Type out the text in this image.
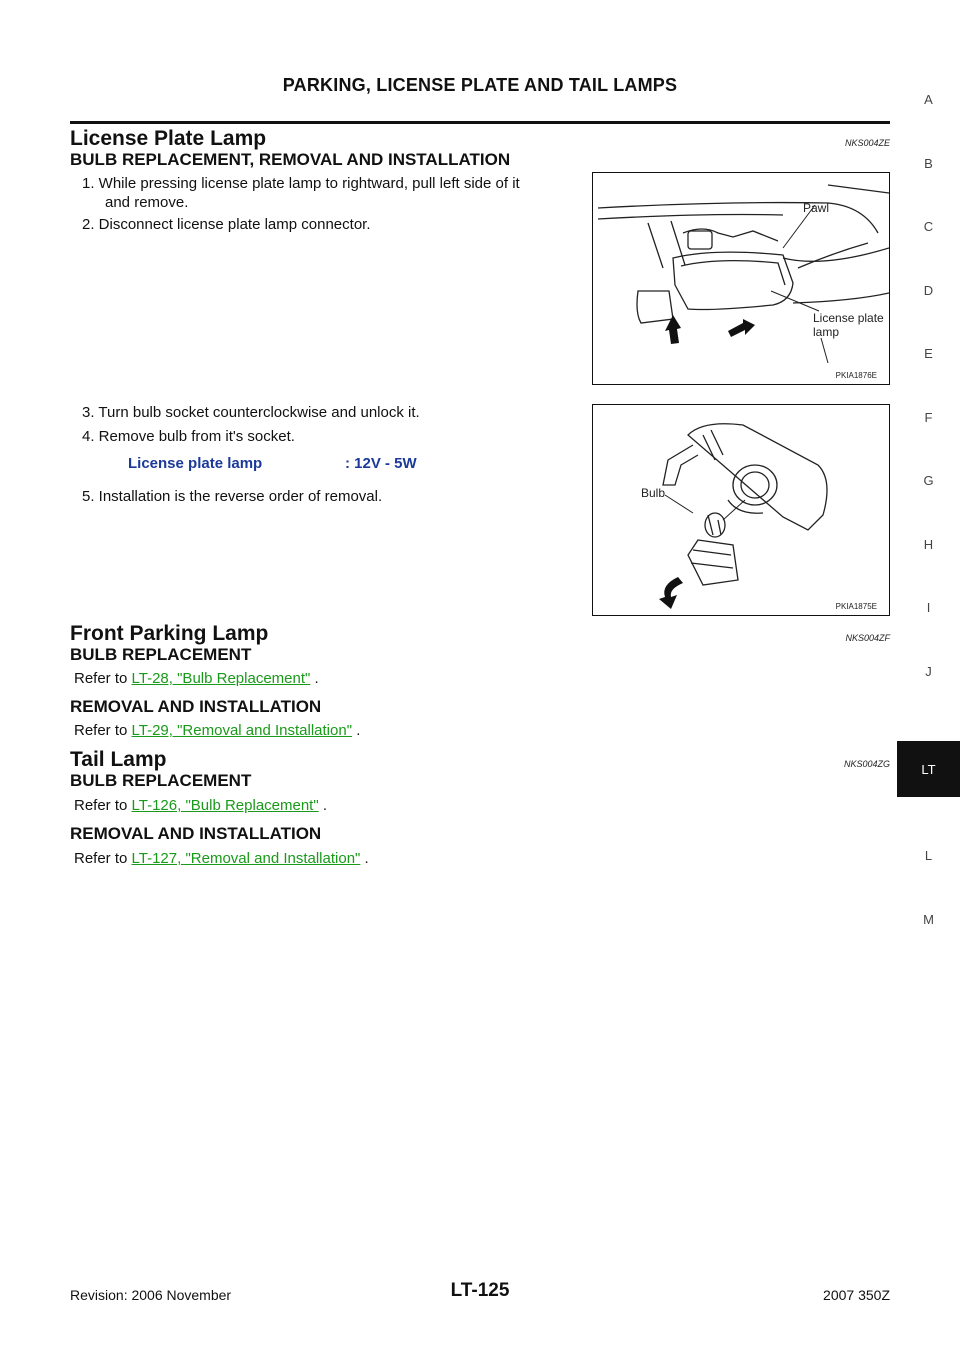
PARKING, LICENSE PLATE AND TAIL LAMPS
License Plate Lamp	NKS004ZE
BULB REPLACEMENT, REMOVAL AND INSTALLATION
1. While pressing license plate lamp to rightward, pull left side of it
and remove.
2. Disconnect license plate lamp connector.
3. Turn bulb socket counterclockwise and unlock it.
4. Remove bulb from it's socket.
License plate lamp	: 12V - 5W
5. Installation is the reverse order of removal.
Pawl
License plate
lamp
PKIA1876E
Bulb
PKIA1875E
Front Parking Lamp	NKS004ZF
BULB REPLACEMENT
Refer to LT-28, "Bulb Replacement" .
REMOVAL AND INSTALLATION
Refer to LT-29, "Removal and Installation" .
Tail Lamp	NKS004ZG
BULB REPLACEMENT
Refer to LT-126, "Bulb Replacement" .
REMOVAL AND INSTALLATION
Refer to LT-127, "Removal and Installation" .
A
B
C
D
E
F
G
H
I
J
LT
L
M
Revision: 2006 November	LT-125	2007 350Z
